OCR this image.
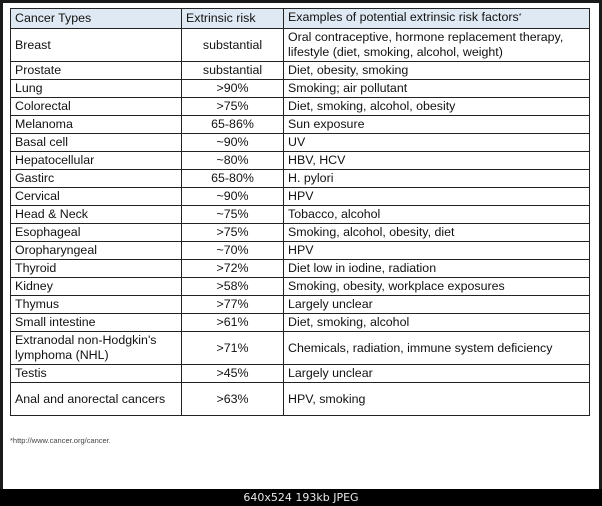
Cancer Types	Extrinsic risk	Examples of potential extrinsic risk factors*
Breast	substantial	Oral contraceptive, hormone replacement therapy, lifestyle (diet, smoking, alcohol, weight)
Prostate	substantial	Diet, obesity, smoking
Lung	>90%	Smoking; air pollutant
Colorectal	>75%	Diet, smoking, alcohol, obesity
Melanoma	65-86%	Sun exposure
Basal cell	~90%	UV
Hepatocellular	~80%	HBV, HCV
Gastirc	65-80%	H. pylori
Cervical	~90%	HPV
Head & Neck	~75%	Tobacco, alcohol
Esophageal	>75%	Smoking, alcohol, obesity, diet
Oropharyngeal	~70%	HPV
Thyroid	>72%	Diet low in iodine, radiation
Kidney	>58%	Smoking, obesity, workplace exposures
Thymus	>77%	Largely unclear
Small intestine	>61%	Diet, smoking, alcohol
Extranodal non-Hodgkin's lymphoma (NHL)	>71%	Chemicals, radiation, immune system deficiency
Testis	>45%	Largely unclear
Anal and anorectal cancers	>63%	HPV, smoking
*http://www.cancer.org/cancer.
640x524 193kb JPEG
